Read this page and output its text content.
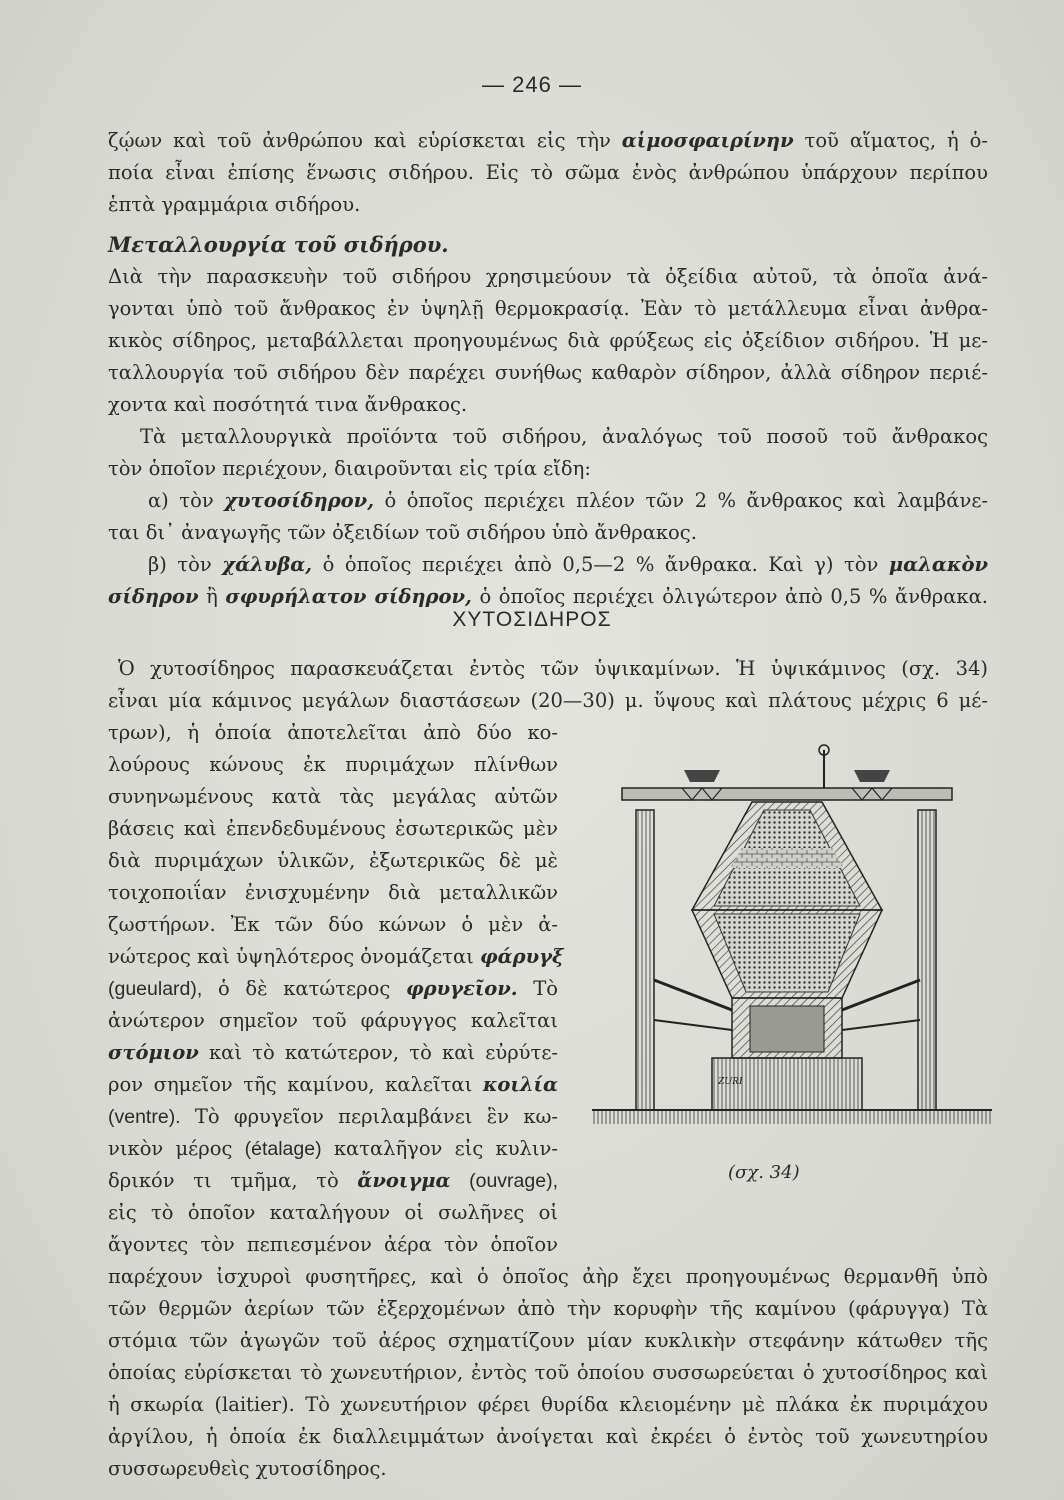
— 246 —
ζῴων καὶ τοῦ ἀνθρώπου καὶ εὑρίσκεται εἰς τὴν αἱμοσφαιρίνην τοῦ αἵματος, ἡ ὁ-
ποία εἶναι ἐπίσης ἕνωσις σιδήρου. Εἰς τὸ σῶμα ἑνὸς ἀνθρώπου ὑπάρχουν περίπου
ἑπτὰ γραμμάρια σιδήρου.
Μεταλλουργία τοῦ σιδήρου.
Διὰ τὴν παρασκευὴν τοῦ σιδήρου χρησιμεύουν τὰ ὀξείδια αὐτοῦ, τὰ ὁποῖα ἀνά-
γονται ὑπὸ τοῦ ἄνθρακος ἐν ὑψηλῇ θερμοκρασίᾳ. Ἐὰν τὸ μετάλλευμα εἶναι ἀνθρα-
κικὸς σίδηρος, μεταβάλλεται προηγουμένως διὰ φρύξεως εἰς ὀξείδιον σιδήρου. Ἡ με-
ταλλουργία τοῦ σιδήρου δὲν παρέχει συνήθως καθαρὸν σίδηρον, ἀλλὰ σίδηρον περιέ-
χοντα καὶ ποσότητά τινα ἄνθρακος.
Τὰ μεταλλουργικὰ προϊόντα τοῦ σιδήρου, ἀναλόγως τοῦ ποσοῦ τοῦ ἄνθρακος
τὸν ὁποῖον περιέχουν, διαιροῦνται εἰς τρία εἴδη:
α) τὸν χυτοσίδηρον, ὁ ὁποῖος περιέχει πλέον τῶν 2 % ἄνθρακος καὶ λαμβάνε-
ται δι᾽ ἀναγωγῆς τῶν ὀξειδίων τοῦ σιδήρου ὑπὸ ἄνθρακος.
β) τὸν χάλυβα, ὁ ὁποῖος περιέχει ἀπὸ 0,5—2 % ἄνθρακα. Καὶ γ) τὸν μαλακὸν
σίδηρον ἢ σφυρήλατον σίδηρον, ὁ ὁποῖος περιέχει ὀλιγώτερον ἀπὸ 0,5 % ἄνθρακα.
ΧΥΤΟΣΙΔΗΡΟΣ
Ὁ χυτοσίδηρος παρασκευάζεται ἐντὸς τῶν ὑψικαμίνων. Ἡ ὑψικάμινος (σχ. 34)
εἶναι μία κάμινος μεγάλων διαστάσεων (20—30) μ. ὕψους καὶ πλάτους μέχρις 6 μέ-
τρων), ἡ ὁποία ἀποτελεῖται ἀπὸ δύο κο-
λούρους κώνους ἐκ πυριμάχων πλίνθων
συνηνωμένους κατὰ τὰς μεγάλας αὐτῶν
βάσεις καὶ ἐπενδεδυμένους ἐσωτερικῶς μὲν
διὰ πυριμάχων ὑλικῶν, ἐξωτερικῶς δὲ μὲ
τοιχοποιΐαν ἐνισχυμένην διὰ μεταλλικῶν
ζωστήρων. Ἐκ τῶν δύο κώνων ὁ μὲν ἀ-
νώτερος καὶ ὑψηλότερος ὀνομάζεται φάρυγξ
(gueulard), ὁ δὲ κατώτερος φρυγεῖον. Τὸ
ἀνώτερον σημεῖον τοῦ φάρυγγος καλεῖται
στόμιον καὶ τὸ κατώτερον, τὸ καὶ εὐρύτε-
ρον σημεῖον τῆς καμίνου, καλεῖται κοιλία
(ventre). Τὸ φρυγεῖον περιλαμβάνει ἓν κω-
νικὸν μέρος (étalage) καταλῆγον εἰς κυλιν-
δρικόν τι τμῆμα, τὸ ἄνοιγμα (ouvrage),
εἰς τὸ ὁποῖον καταλήγουν οἱ σωλῆνες οἱ
ἄγοντες τὸν πεπιεσμένον ἀέρα τὸν ὁποῖον
παρέχουν ἰσχυροὶ φυσητῆρες, καὶ ὁ ὁποῖος ἀὴρ ἔχει προηγουμένως θερμανθῆ ὑπὸ
τῶν θερμῶν ἀερίων τῶν ἐξερχομένων ἀπὸ τὴν κορυφὴν τῆς καμίνου (φάρυγγα) Τὰ
στόμια τῶν ἀγωγῶν τοῦ ἀέρος σχηματίζουν μίαν κυκλικὴν στεφάνην κάτωθεν τῆς
ὁποίας εὑρίσκεται τὸ χωνευτήριον, ἐντὸς τοῦ ὁποίου συσσωρεύεται ὁ χυτοσίδηρος καὶ
ἡ σκωρία (laitier). Τὸ χωνευτήριον φέρει θυρίδα κλειομένην μὲ πλάκα ἐκ πυριμάχου
ἀργίλου, ἡ ὁποία ἐκ διαλλειμμάτων ἀνοίγεται καὶ ἐκρέει ὁ ἐντὸς τοῦ χωνευτηρίου
συσσωρευθεὶς χυτοσίδηρος.
ZURI
(σχ. 34)
